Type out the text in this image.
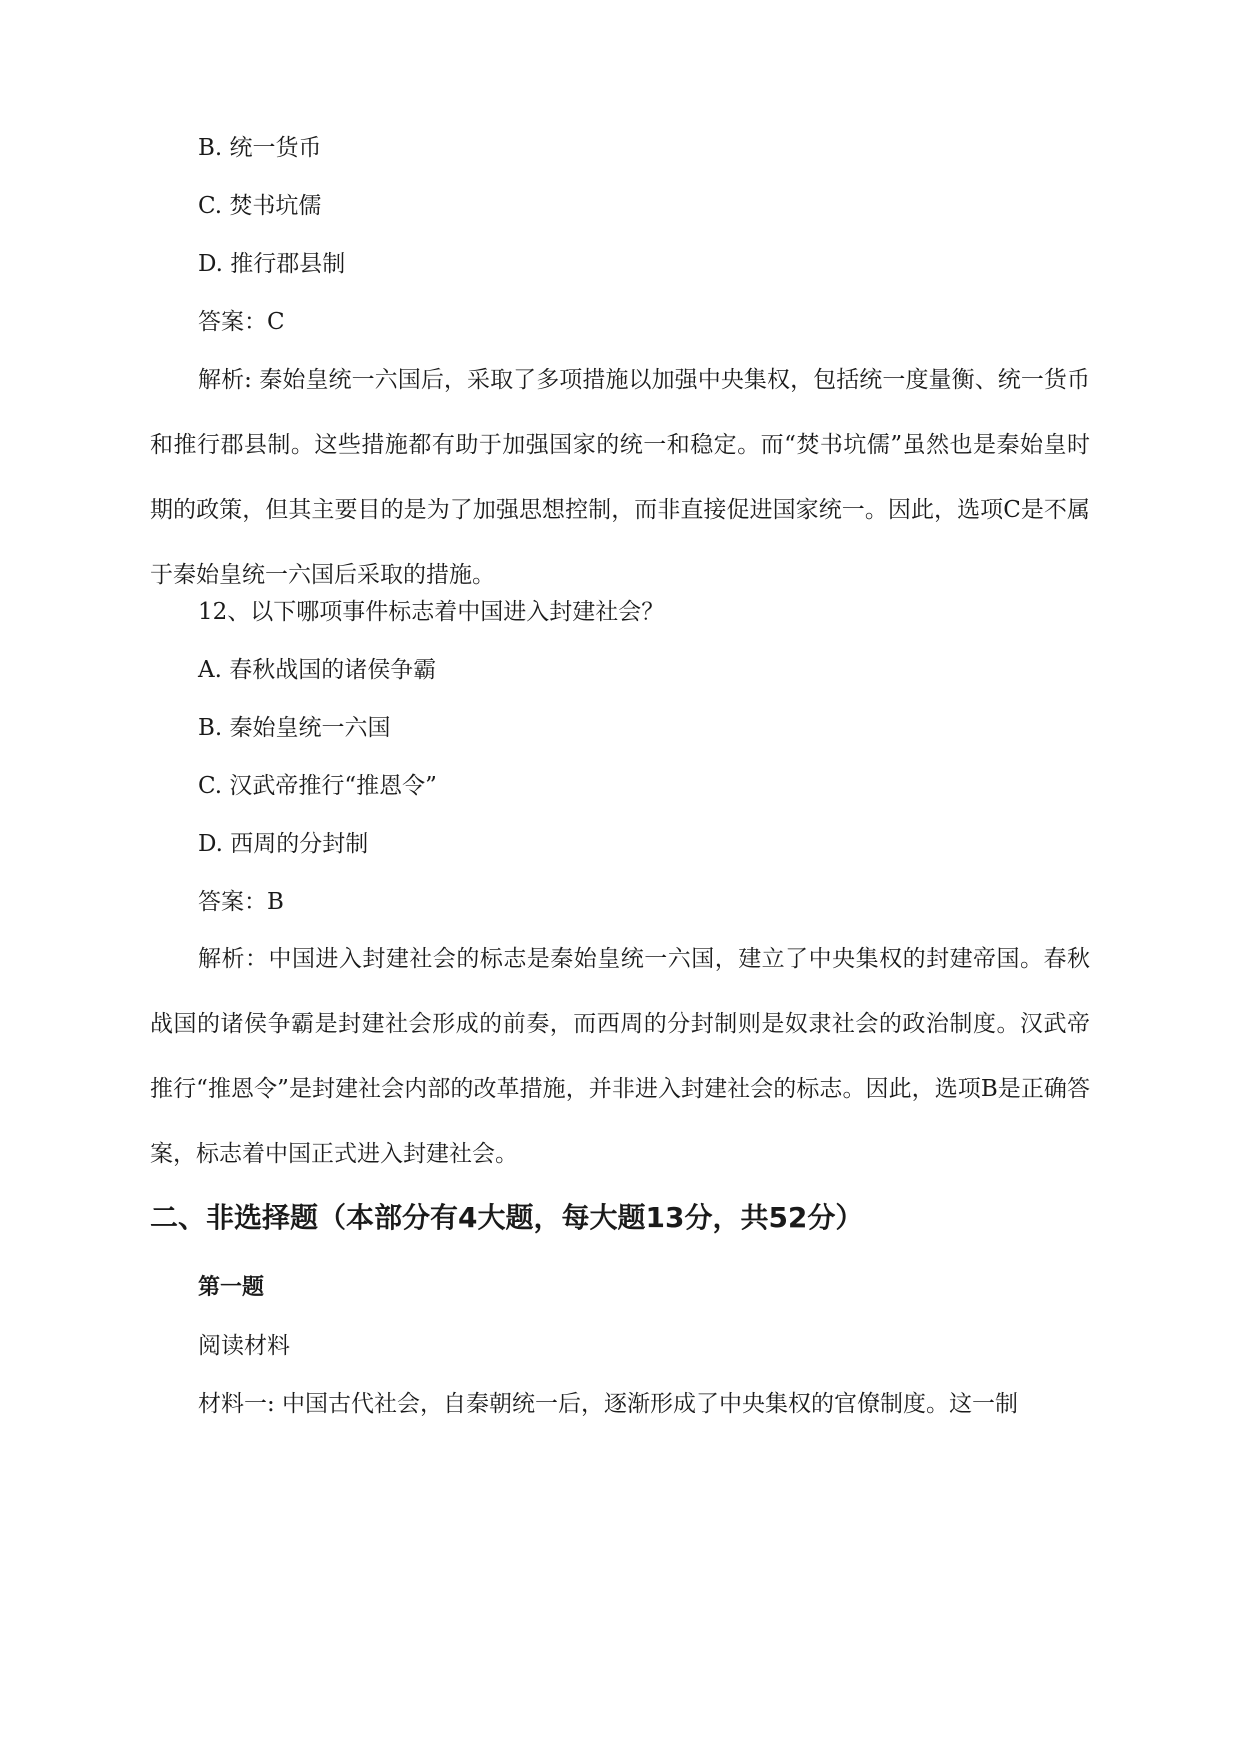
B. 统一货币
C. 焚书坑儒
D. 推行郡县制
答案：C
解析: 秦始皇统一六国后，采取了多项措施以加强中央集权，包括统一度量衡、统一货币和推行郡县制。这些措施都有助于加强国家的统一和稳定。而“焚书坑儒”虽然也是秦始皇时期的政策，但其主要目的是为了加强思想控制，而非直接促进国家统一。因此，选项C是不属于秦始皇统一六国后采取的措施。
12、以下哪项事件标志着中国进入封建社会？
A. 春秋战国的诸侯争霸
B. 秦始皇统一六国
C. 汉武帝推行“推恩令”
D. 西周的分封制
答案：B
解析：中国进入封建社会的标志是秦始皇统一六国，建立了中央集权的封建帝国。春秋战国的诸侯争霸是封建社会形成的前奏，而西周的分封制则是奴隶社会的政治制度。汉武帝推行“推恩令”是封建社会内部的改革措施，并非进入封建社会的标志。因此，选项B是正确答案，标志着中国正式进入封建社会。
二、非选择题（本部分有4大题，每大题13分，共52分）
第一题
阅读材料
材料一: 中国古代社会，自秦朝统一后，逐渐形成了中央集权的官僚制度。这一制
